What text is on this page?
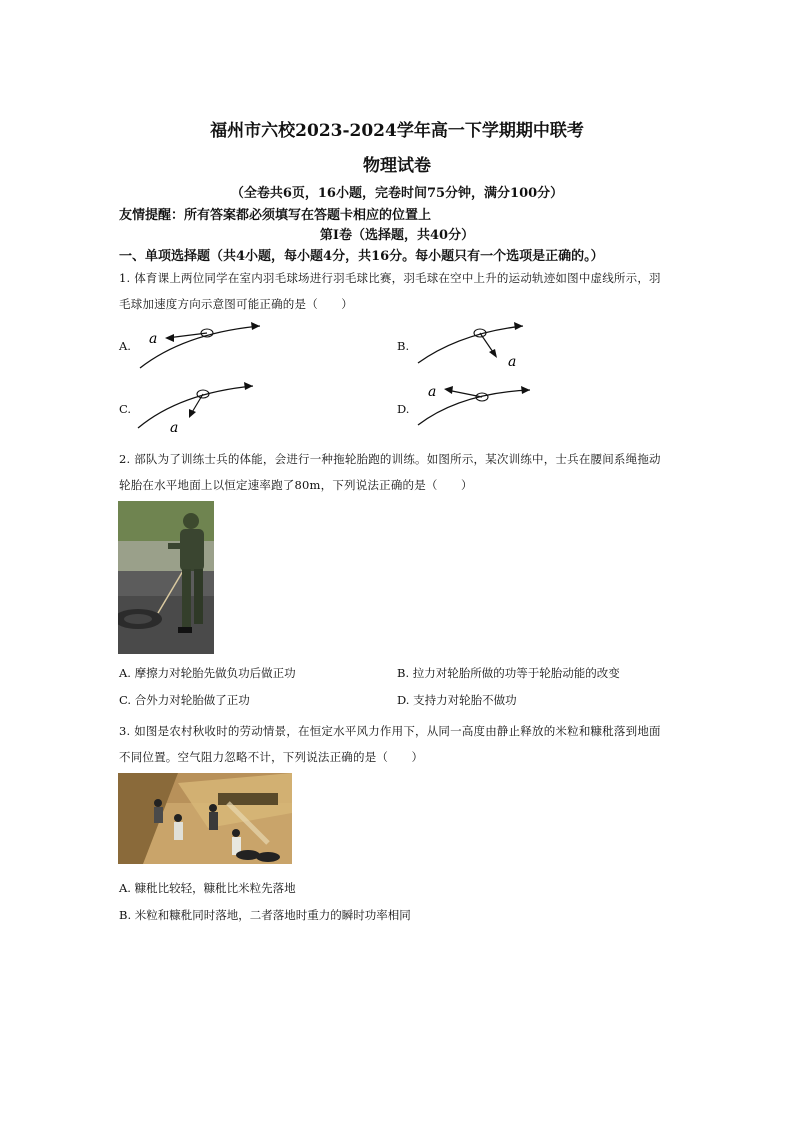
福州市六校2023-2024学年高一下学期期中联考
物理试卷
（全卷共6页，16小题，完卷时间75分钟，满分100分）
友情提醒：所有答案都必须填写在答题卡相应的位置上
第Ⅰ卷（选择题，共40分）
一、单项选择题（共4小题，每小题4分，共16分。每小题只有一个选项是正确的。）
1. 体育课上两位同学在室内羽毛球场进行羽毛球比赛，羽毛球在空中上升的运动轨迹如图中虚线所示，羽
毛球加速度方向示意图可能正确的是（　　）
A. a	B.
a
C.
a
D.
a
2. 部队为了训练士兵的体能，会进行一种拖轮胎跑的训练。如图所示，某次训练中，士兵在腰间系绳拖动
轮胎在水平地面上以恒定速率跑了80m，下列说法正确的是（　　）
A. 摩擦力对轮胎先做负功后做正功	B. 拉力对轮胎所做的功等于轮胎动能的改变
C. 合外力对轮胎做了正功	D. 支持力对轮胎不做功
3. 如图是农村秋收时的劳动情景，在恒定水平风力作用下，从同一高度由静止释放的米粒和糠秕落到地面
不同位置。空气阻力忽略不计，下列说法正确的是（　　）
A. 糠秕比较轻，糠秕比米粒先落地
B. 米粒和糠秕同时落地，二者落地时重力的瞬时功率相同
